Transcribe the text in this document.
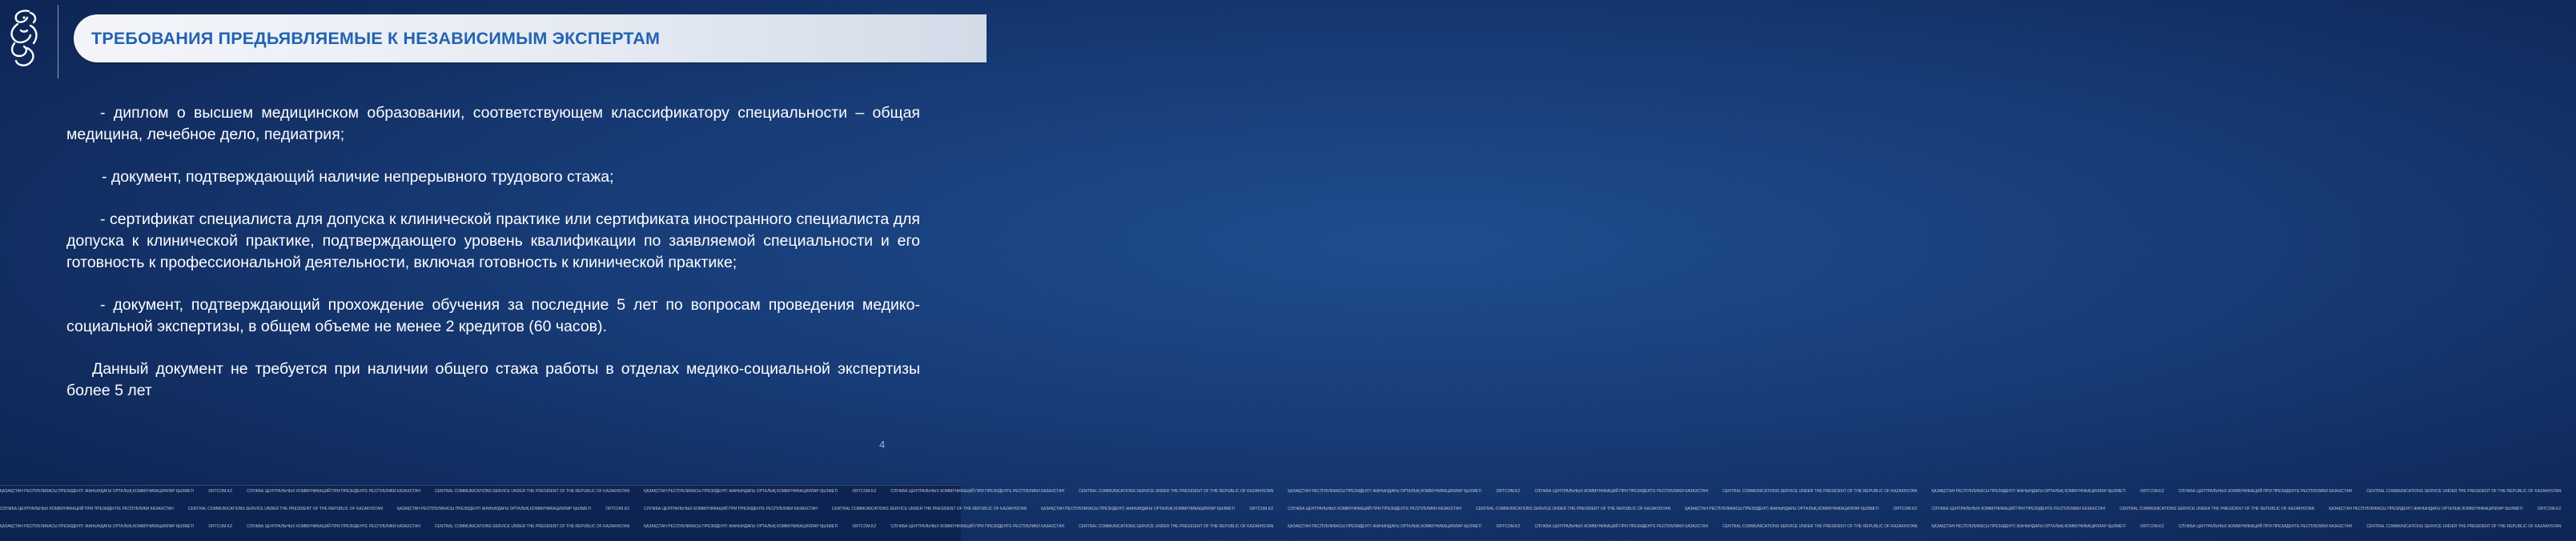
ТРЕБОВАНИЯ ПРЕДЬЯВЛЯЕМЫЕ К НЕЗАВИСИМЫМ ЭКСПЕРТАМ

- диплом о высшем медицинском образовании, соответствующем классификатору специальности – общая медицина, лечебное дело, педиатрия;

- документ, подтверждающий наличие непрерывного трудового стажа;

- сертификат специалиста для допуска к клинической практике или сертификата иностранного специалиста для допуска к клинической практике, подтверждающего уровень квалификации по заявляемой специальности и его готовность к профессиональной деятельности, включая готовность к клинической практике;

- документ, подтверждающий прохождение обучения за последние 5 лет по вопросам проведения медико-социальной экспертизы, в общем объеме не менее 2 кредитов (60 часов).

Данный документ не требуется при наличии общего стажа работы в отделах медико-социальной экспертизы более 5 лет

4
ҚАЗАҚСТАН РЕСПУБЛИКАСЫ ПРЕЗИДЕНТІ ЖАНЫНДАҒЫ ОРТАЛЫҚ КОММУНИКАЦИЯЛАР ҚЫЗМЕТІ	ORTCOM.KZ	СЛУЖБА ЦЕНТРАЛЬНЫХ КОММУНИКАЦИЙ ПРИ ПРЕЗИДЕНТЕ РЕСПУБЛИКИ КАЗАХСТАН	CENTRAL COMMUNICATIONS SERVICE UNDER THE PRESIDENT OF THE REPUBLIC OF KAZAKHSTAN	ҚАЗАҚСТАН РЕСПУБЛИКАСЫ ПРЕЗИДЕНТІ ЖАНЫНДАҒЫ ОРТАЛЫҚ КОММУНИКАЦИЯЛАР ҚЫЗМЕТІ	ORTCOM.KZ	СЛУЖБА ЦЕНТРАЛЬНЫХ КОММУНИКАЦИЙ ПРИ ПРЕЗИДЕНТЕ РЕСПУБЛИКИ КАЗАХСТАН	CENTRAL COMMUNICATIONS SERVICE UNDER THE PRESIDENT OF THE REPUBLIC OF KAZAKHSTAN	ҚАЗАҚСТАН РЕСПУБЛИКАСЫ ПРЕЗИДЕНТІ ЖАНЫНДАҒЫ ОРТАЛЫҚ КОММУНИКАЦИЯЛАР ҚЫЗМЕТІ	ORTCOM.KZ	СЛУЖБА ЦЕНТРАЛЬНЫХ КОММУНИКАЦИЙ ПРИ ПРЕЗИДЕНТЕ РЕСПУБЛИКИ КАЗАХСТАН	CENTRAL COMMUNICATIONS SERVICE UNDER THE PRESIDENT OF THE REPUBLIC OF KAZAKHSTAN	ҚАЗАҚСТАН РЕСПУБЛИКАСЫ ПРЕЗИДЕНТІ ЖАНЫНДАҒЫ ОРТАЛЫҚ КОММУНИКАЦИЯЛАР ҚЫЗМЕТІ	ORTCOM.KZ	СЛУЖБА ЦЕНТРАЛЬНЫХ КОММУНИКАЦИЙ ПРИ ПРЕЗИДЕНТЕ РЕСПУБЛИКИ КАЗАХСТАН	CENTRAL COMMUNICATIONS SERVICE UNDER THE PRESIDENT OF THE REPUBLIC OF KAZAKHSTAN
СЛУЖБА ЦЕНТРАЛЬНЫХ КОММУНИКАЦИЙ ПРИ ПРЕЗИДЕНТЕ РЕСПУБЛИКИ КАЗАХСТАН	CENTRAL COMMUNICATIONS SERVICE UNDER THE PRESIDENT OF THE REPUBLIC OF KAZAKHSTAN	ҚАЗАҚСТАН РЕСПУБЛИКАСЫ ПРЕЗИДЕНТІ ЖАНЫНДАҒЫ ОРТАЛЫҚ КОММУНИКАЦИЯЛАР ҚЫЗМЕТІ	ORTCOM.KZ	СЛУЖБА ЦЕНТРАЛЬНЫХ КОММУНИКАЦИЙ ПРИ ПРЕЗИДЕНТЕ РЕСПУБЛИКИ КАЗАХСТАН	CENTRAL COMMUNICATIONS SERVICE UNDER THE PRESIDENT OF THE REPUBLIC OF KAZAKHSTAN	ҚАЗАҚСТАН РЕСПУБЛИКАСЫ ПРЕЗИДЕНТІ ЖАНЫНДАҒЫ ОРТАЛЫҚ КОММУНИКАЦИЯЛАР ҚЫЗМЕТІ	ORTCOM.KZ	СЛУЖБА ЦЕНТРАЛЬНЫХ КОММУНИКАЦИЙ ПРИ ПРЕЗИДЕНТЕ РЕСПУБЛИКИ КАЗАХСТАН	CENTRAL COMMUNICATIONS SERVICE UNDER THE PRESIDENT OF THE REPUBLIC OF KAZAKHSTAN	ҚАЗАҚСТАН РЕСПУБЛИКАСЫ ПРЕЗИДЕНТІ ЖАНЫНДАҒЫ ОРТАЛЫҚ КОММУНИКАЦИЯЛАР ҚЫЗМЕТІ	ORTCOM.KZ	СЛУЖБА ЦЕНТРАЛЬНЫХ КОММУНИКАЦИЙ ПРИ ПРЕЗИДЕНТЕ РЕСПУБЛИКИ КАЗАХСТАН	CENTRAL COMMUNICATIONS SERVICE UNDER THE PRESIDENT OF THE REPUBLIC OF KAZAKHSTAN	ҚАЗАҚСТАН РЕСПУБЛИКАСЫ ПРЕЗИДЕНТІ ЖАНЫНДАҒЫ ОРТАЛЫҚ КОММУНИКАЦИЯЛАР ҚЫЗМЕТІ	ORTCOM.KZ
ҚАЗАҚСТАН РЕСПУБЛИКАСЫ ПРЕЗИДЕНТІ ЖАНЫНДАҒЫ ОРТАЛЫҚ КОММУНИКАЦИЯЛАР ҚЫЗМЕТІ	ORTCOM.KZ	СЛУЖБА ЦЕНТРАЛЬНЫХ КОММУНИКАЦИЙ ПРИ ПРЕЗИДЕНТЕ РЕСПУБЛИКИ КАЗАХСТАН	CENTRAL COMMUNICATIONS SERVICE UNDER THE PRESIDENT OF THE REPUBLIC OF KAZAKHSTAN	ҚАЗАҚСТАН РЕСПУБЛИКАСЫ ПРЕЗИДЕНТІ ЖАНЫНДАҒЫ ОРТАЛЫҚ КОММУНИКАЦИЯЛАР ҚЫЗМЕТІ	ORTCOM.KZ	СЛУЖБА ЦЕНТРАЛЬНЫХ КОММУНИКАЦИЙ ПРИ ПРЕЗИДЕНТЕ РЕСПУБЛИКИ КАЗАХСТАН	CENTRAL COMMUNICATIONS SERVICE UNDER THE PRESIDENT OF THE REPUBLIC OF KAZAKHSTAN	ҚАЗАҚСТАН РЕСПУБЛИКАСЫ ПРЕЗИДЕНТІ ЖАНЫНДАҒЫ ОРТАЛЫҚ КОММУНИКАЦИЯЛАР ҚЫЗМЕТІ	ORTCOM.KZ	СЛУЖБА ЦЕНТРАЛЬНЫХ КОММУНИКАЦИЙ ПРИ ПРЕЗИДЕНТЕ РЕСПУБЛИКИ КАЗАХСТАН	CENTRAL COMMUNICATIONS SERVICE UNDER THE PRESIDENT OF THE REPUBLIC OF KAZAKHSTAN	ҚАЗАҚСТАН РЕСПУБЛИКАСЫ ПРЕЗИДЕНТІ ЖАНЫНДАҒЫ ОРТАЛЫҚ КОММУНИКАЦИЯЛАР ҚЫЗМЕТІ	ORTCOM.KZ	СЛУЖБА ЦЕНТРАЛЬНЫХ КОММУНИКАЦИЙ ПРИ ПРЕЗИДЕНТЕ РЕСПУБЛИКИ КАЗАХСТАН	CENTRAL COMMUNICATIONS SERVICE UNDER THE PRESIDENT OF THE REPUBLIC OF KAZAKHSTAN
